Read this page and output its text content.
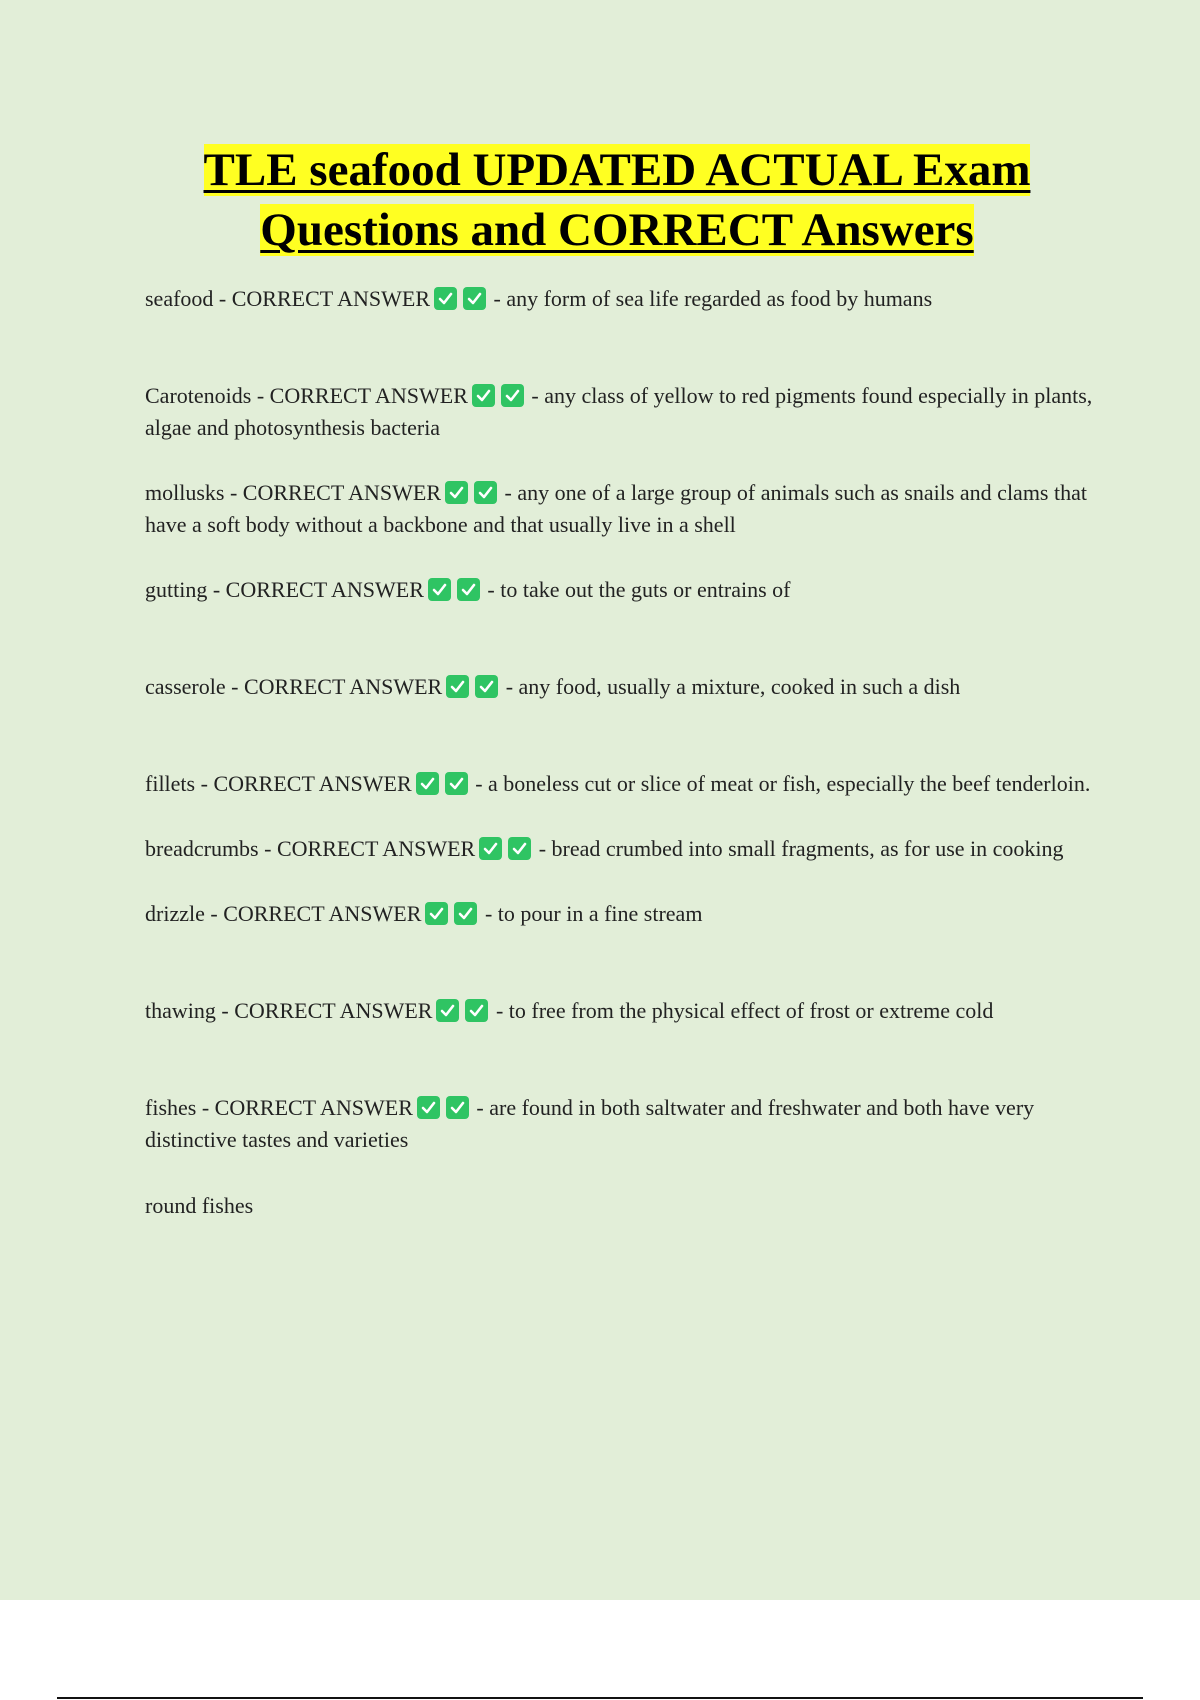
TLE seafood UPDATED ACTUAL Exam Questions and CORRECT Answers

seafood - CORRECT ANSWER	- any form of sea life regarded as food by humans

Carotenoids - CORRECT ANSWER	- any class of yellow to red pigments found especially in plants, algae and photosynthesis bacteria

mollusks - CORRECT ANSWER	- any one of a large group of animals such as snails and clams that have a soft body without a backbone and that usually live in a shell

gutting - CORRECT ANSWER	- to take out the guts or entrains of

casserole - CORRECT ANSWER	- any food, usually a mixture, cooked in such a dish

fillets - CORRECT ANSWER	- a boneless cut or slice of meat or fish, especially the beef tenderloin.

breadcrumbs - CORRECT ANSWER	- bread crumbed into small fragments, as for use in cooking

drizzle - CORRECT ANSWER	- to pour in a fine stream

thawing - CORRECT ANSWER	- to free from the physical effect of frost or extreme cold

fishes - CORRECT ANSWER	- are found in both saltwater and freshwater and both have very distinctive tastes and varieties

round fishes
